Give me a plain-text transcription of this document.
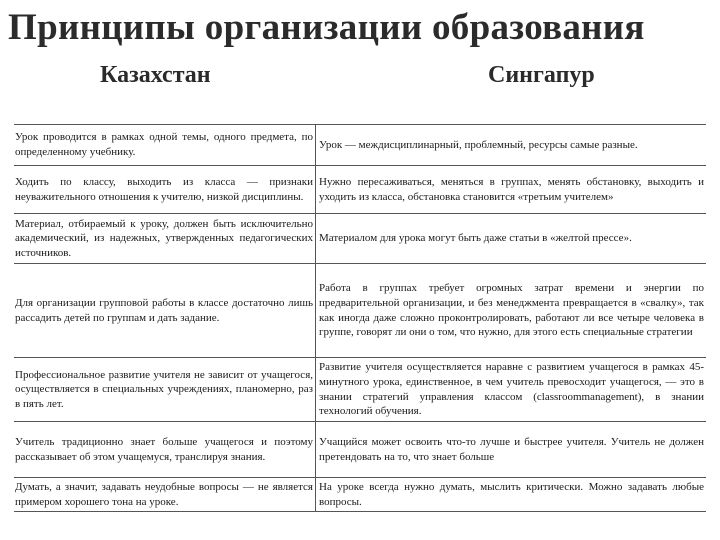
Принципы организации образования
Казахстан	Сингапур
Урок проводится в рамках одной темы, одного предмета, по определенному учебнику.
Урок — междисциплинарный, проблемный, ресурсы самые разные.
Ходить по классу, выходить из класса — признаки неуважительного отношения к учителю, низкой дисциплины.
Нужно пересаживаться, меняться в группах, менять обстановку, выходить и уходить из класса, обстановка становится «третьим учителем»
Материал, отбираемый к уроку, должен быть исключительно академический, из надежных, утвержденных педагогических источников.
Материалом для урока могут быть даже статьи в «желтой прессе».
Для организации групповой работы в классе достаточно лишь рассадить детей по группам и дать задание.
Работа в группах требует огромных затрат времени и энергии по предварительной организации, и без менеджмента превращается в «свалку», так как иногда даже сложно проконтролировать, работают ли все четыре человека в группе, говорят ли они о том, что нужно, для этого есть специальные стратегии
Профессиональное развитие учителя не зависит от учащегося, осуществляется в специальных учреждениях, планомерно, раз в пять лет.
Развитие учителя осуществляется наравне с развитием учащегося в рамках 45-минутного урока, единственное, в чем учитель превосходит учащегося, — это в знании стратегий управления классом (classroommanagement), в знании технологий обучения.
Учитель традиционно знает больше учащегося и поэтому рассказывает об этом учащемуся, транслируя знания.
Учащийся может освоить что-то лучше и быстрее учителя. Учитель не должен претендовать на то, что знает больше
Думать, а значит, задавать неудобные вопросы — не является примером хорошего тона на уроке.
На уроке всегда нужно думать, мыслить критически. Можно задавать любые вопросы.
